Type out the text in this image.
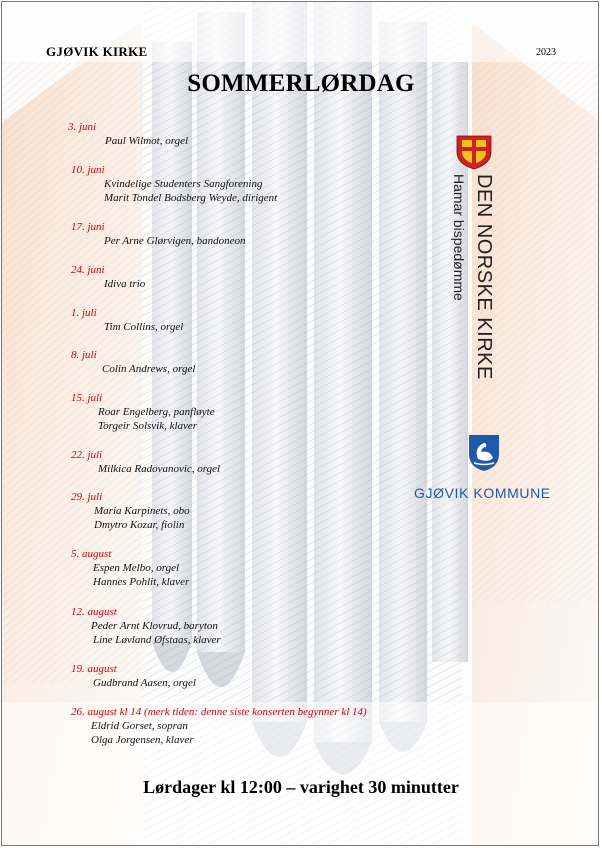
GJØVIK KIRKE	2023
SOMMERLØRDAG
3. juni
Paul Wilmot, orgel
10. juni
Kvindelige Studenters Sangforening
Marit Tondel Bodsberg Weyde, dirigent
17. juni
Per Arne Glørvigen, bandoneon
24. juni
Idiva trio
1. juli
Tim Collins, orgel
8. juli
Colin Andrews, orgel
15. juli
Roar Engelberg, panfløyte
Torgeir Solsvik, klaver
22. juli
Milkica Radovanovic, orgel
29. juli
Maria Karpinets, obo
Dmytro Kozar, fiolin
5. august
Espen Melbo, orgel
Hannes Pohlit, klaver
12. august
Peder Arnt Klovrud, baryton
Line Løvland Øfstaas, klaver
19. august
Gudbrand Aasen, orgel
26. august kl 14 (merk tiden: denne siste konserten begynner kl 14)
Eldrid Gorset, sopran
Olga Jorgensen, klaver
DEN NORSKE KIRKE
Hamar bispedømme
GJØVIK KOMMUNE
Lørdager kl 12:00 – varighet 30 minutter
